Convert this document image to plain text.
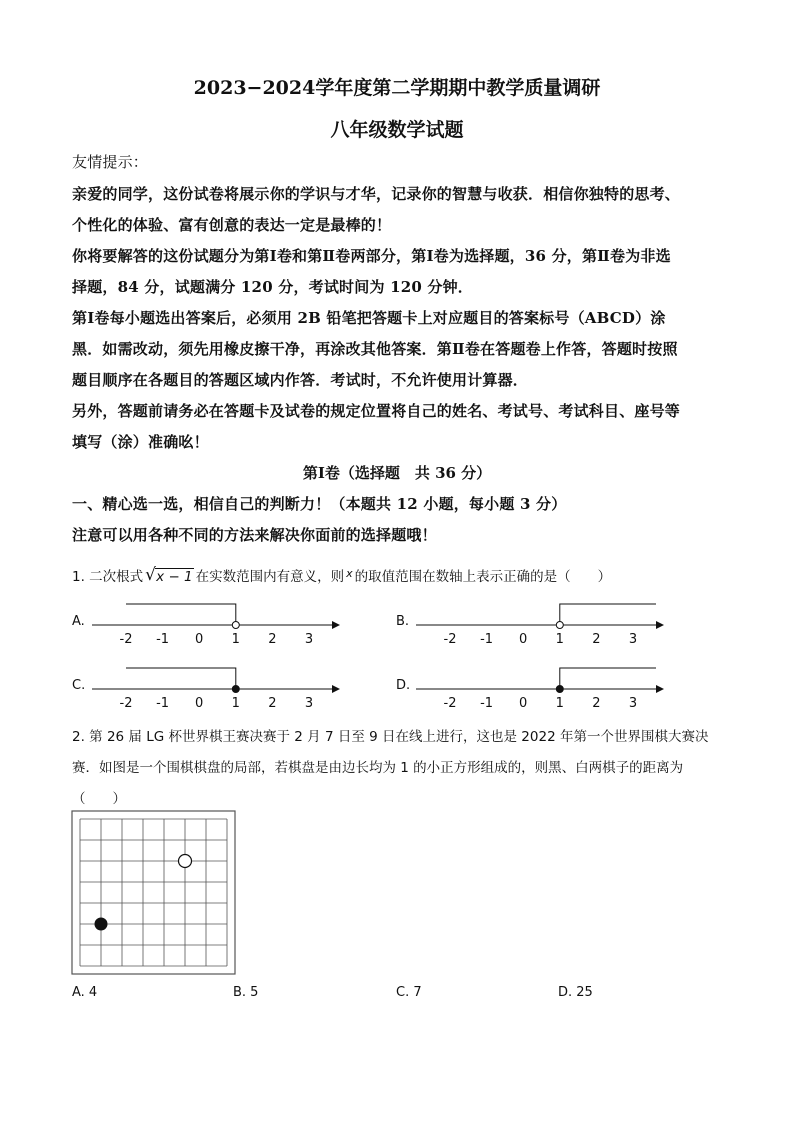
2023−2024学年度第二学期期中教学质量调研
八年级数学试题
友情提示：
亲爱的同学，这份试卷将展示你的学识与才华，记录你的智慧与收获．相信你独特的思考、
个性化的体验、富有创意的表达一定是最棒的！
你将要解答的这份试题分为第Ⅰ卷和第Ⅱ卷两部分，第Ⅰ卷为选择题，36 分，第Ⅱ卷为非选
择题，84 分，试题满分 120 分，考试时间为 120 分钟．
第Ⅰ卷每小题选出答案后，必须用 2B 铅笔把答题卡上对应题目的答案标号（ABCD）涂
黑．如需改动，须先用橡皮擦干净，再涂改其他答案．第Ⅱ卷在答题卷上作答，答题时按照
题目顺序在各题目的答题区域内作答．考试时，不允许使用计算器．
另外，答题前请务必在答题卡及试卷的规定位置将自己的姓名、考试号、考试科目、座号等
填写（涂）准确吆！
第Ⅰ卷（选择题　共 36 分）
一、精心选一选，相信自己的判断力！（本题共 12 小题，每小题 3 分）
注意可以用各种不同的方法来解决你面前的选择题哦！
1. 二次根式 √ x − 1 在实数范围内有意义，则 $^x$ 的取值范围在数轴上表示正确的是（　　）
A.
-2 -1 0 1 2 3
B.
-2 -1 0 1 2 3
C.
-2 -1 0 1 2 3
D.
-2 -1 0 1 2 3
2. 第 26 届 LG 杯世界棋王赛决赛于 2 月 7 日至 9 日在线上进行，这也是 2022 年第一个世界围棋大赛决
赛．如图是一个围棋棋盘的局部，若棋盘是由边长均为 1 的小正方形组成的，则黑、白两棋子的距离为
（　　）
A. 4	B. 5	C. 7	D. 25
